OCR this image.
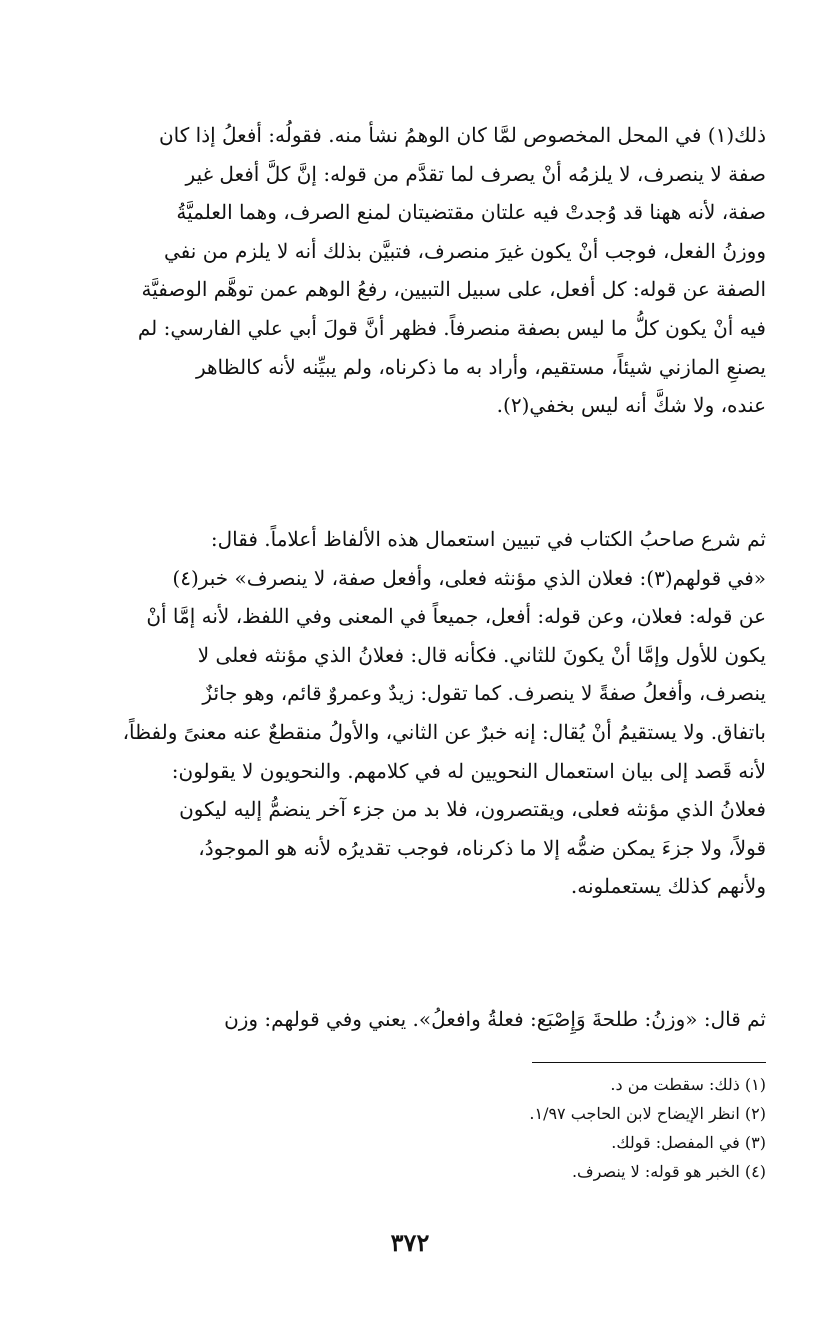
ذلك(١) في المحل المخصوص لمَّا كان الوهمُ نشأ منه. فقولُه: أفعلُ إذا كان
صفة لا ينصرف، لا يلزمُه أنْ يصرف لما تقدَّم من قوله: إنَّ كلَّ أفعل غير
صفة، لأنه ههنا قد وُجدتْ فيه علتان مقتضيتان لمنع الصرف، وهما العلميَّةُ
ووزنُ الفعل، فوجب أنْ يكون غيرَ منصرف، فتبيَّن بذلك أنه لا يلزم من نفي
الصفة عن قوله: كل أفعل، على سبيل التبيين، رفعُ الوهم عمن توهَّم الوصفيَّة
فيه أنْ يكون كلُّ ما ليس بصفة منصرفاً. فظهر أنَّ قولَ أبي علي الفارسي: لم
يصنعِ المازني شيئاً، مستقيم، وأراد به ما ذكرناه، ولم يبيِّنه لأنه كالظاهر
عنده، ولا شكَّ أنه ليس بخفي(٢).
ثم شرع صاحبُ الكتاب في تبيين استعمال هذه الألفاظ أعلاماً. فقال:
«في قولهم(٣): فعلان الذي مؤنثه فعلى، وأفعل صفة، لا ينصرف» خبر(٤)
عن قوله: فعلان، وعن قوله: أفعل، جميعاً في المعنى وفي اللفظ، لأنه إمَّا أنْ
يكون للأول وإمَّا أنْ يكونَ للثاني. فكأنه قال: فعلانُ الذي مؤنثه فعلى لا
ينصرف، وأفعلُ صفةً لا ينصرف. كما تقول: زيدٌ وعمروٌ قائم، وهو جائزٌ
باتفاق. ولا يستقيمُ أنْ يُقال: إنه خبرٌ عن الثاني، والأولُ منقطعٌ عنه معنىً ولفظاً،
لأنه قَصد إلى بيان استعمال النحويين له في كلامهم. والنحويون لا يقولون:
فعلانُ الذي مؤنثه فعلى، ويقتصرون، فلا بد من جزء آخر ينضمُّ إليه ليكون
قولاً، ولا جزءَ يمكن ضمُّه إلا ما ذكرناه، فوجب تقديرُه لأنه هو الموجودُ،
ولأنهم كذلك يستعملونه.
ثم قال: «وزنُ: طلحةَ وَإِصْبَع: فعلةُ وافعلُ». يعني وفي قولهم: وزن
(١) ذلك: سقطت من د.
(٢) انظر الإيضاح لابن الحاجب ١/٩٧.
(٣) في المفصل: قولك.
(٤) الخبر هو قوله: لا ينصرف.
٣٧٢
